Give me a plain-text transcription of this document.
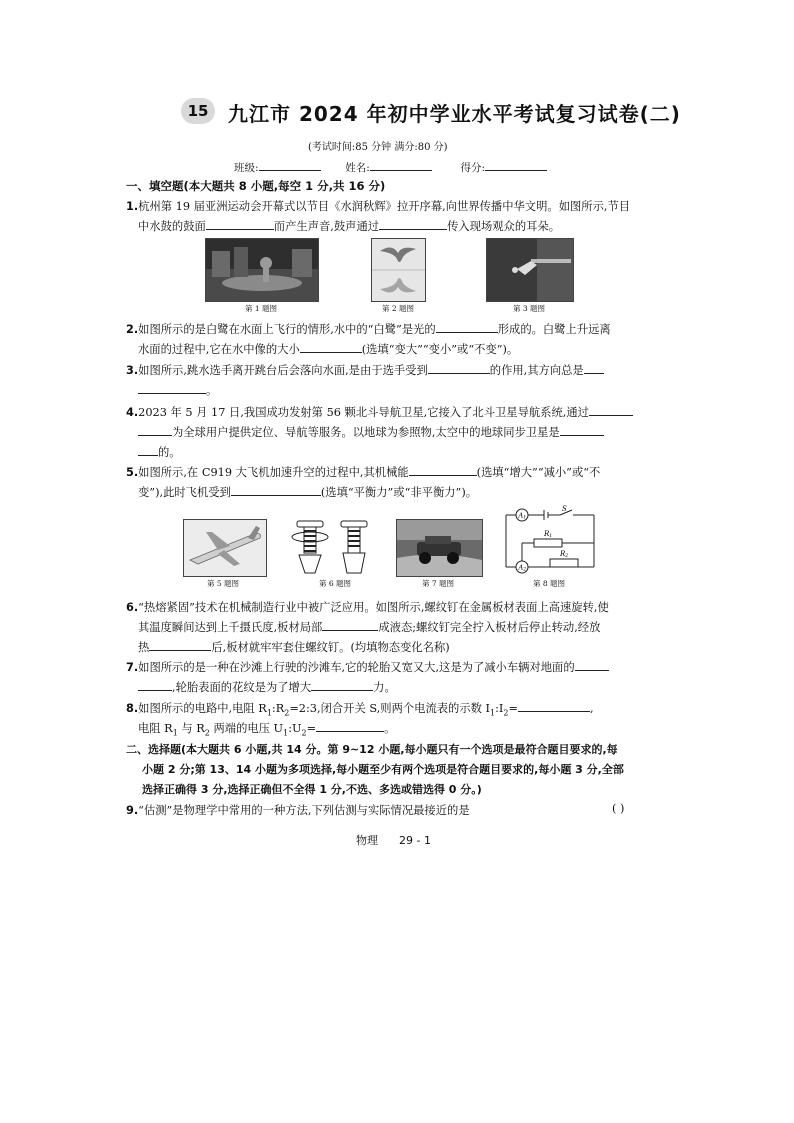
15 九江市 2024 年初中学业水平考试复习试卷(二)
(考试时间:85 分钟 满分:80 分)
班级:	姓名:	得分:
一、填空题(本大题共 8 小题,每空 1 分,共 16 分)
1.杭州第 19 届亚洲运动会开幕式以节目《水润秋辉》拉开序幕,向世界传播中华文明。如图所示,节目
中水鼓的鼓面	而产生声音,鼓声通过	传入现场观众的耳朵。
第 1 题图	第 2 题图	第 3 题图
2.如图所示的是白鹭在水面上飞行的情形,水中的“白鹭”是光的	形成的。白鹭上升远离
水面的过程中,它在水中像的大小	(选填“变大”“变小”或“不变”)。
3.如图所示,跳水选手离开跳台后会落向水面,是由于选手受到	的作用,其方向总是
。
4.2023 年 5 月 17 日,我国成功发射第 56 颗北斗导航卫星,它接入了北斗卫星导航系统,通过
为全球用户提供定位、导航等服务。以地球为参照物,太空中的地球同步卫星是
的。
5.如图所示,在 C919 大飞机加速升空的过程中,其机械能	(选填“增大”“减小”或“不
变”),此时飞机受到	(选填“平衡力”或“非平衡力”)。
A1
A2
S
R1
R2
第 5 题图	第 6 题图	第 7 题图	第 8 题图
6.“热熔紧固”技术在机械制造行业中被广泛应用。如图所示,螺纹钉在金属板材表面上高速旋转,使
其温度瞬间达到上千摄氏度,板材局部	成液态;螺纹钉完全拧入板材后停止转动,经放
热	后,板材就牢牢套住螺纹钉。(均填物态变化名称)
7.如图所示的是一种在沙滩上行驶的沙滩车,它的轮胎又宽又大,这是为了减小车辆对地面的
,轮胎表面的花纹是为了增大	力。
8.如图所示的电路中,电阻 $R_1:R_2=2:3$,闭合开关 S,则两个电流表的示数 $I_1:I_2=$	,
电阻 $R_1$ 与 $R_2$ 两端的电压 $U_1:U_2=$	。
二、选择题(本大题共 6 小题,共 14 分。第 9~12 小题,每小题只有一个选项是最符合题目要求的,每
小题 2 分;第 13、14 小题为多项选择,每小题至少有两个选项是符合题目要求的,每小题 3 分,全部
选择正确得 3 分,选择正确但不全得 1 分,不选、多选或错选得 0 分。)
9.“估测”是物理学中常用的一种方法,下列估测与实际情况最接近的是	( )
物理 29 - 1
